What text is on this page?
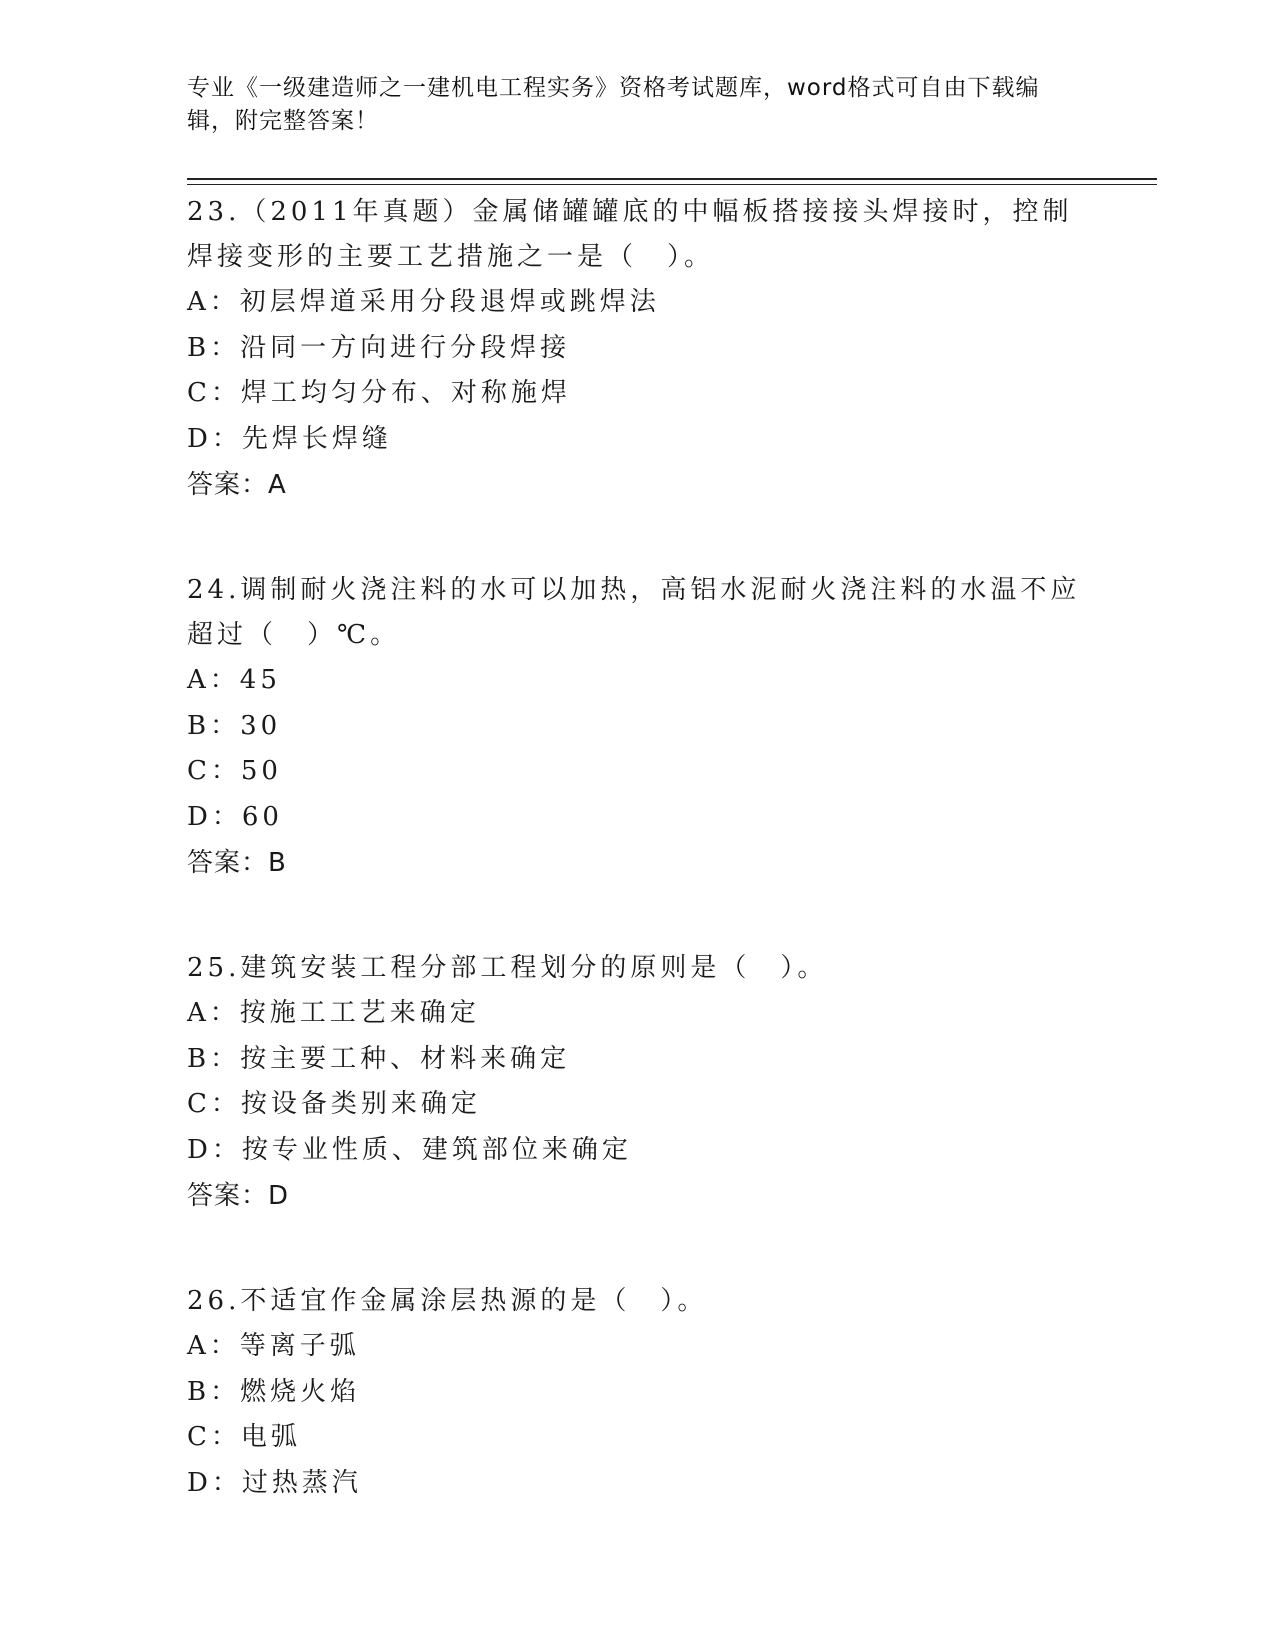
专业《一级建造师之一建机电工程实务》资格考试题库，word格式可自由下载编
辑，附完整答案！

23.（2011年真题）金属储罐罐底的中幅板搭接接头焊接时，控制焊接变形的主要工艺措施之一是（　）。

A：初层焊道采用分段退焊或跳焊法

B：沿同一方向进行分段焊接

C：焊工均匀分布、对称施焊

D：先焊长焊缝

答案：A

24.调制耐火浇注料的水可以加热，高铝水泥耐火浇注料的水温不应超过（　）℃。

A：45

B：30

C：50

D：60

答案：B

25.建筑安装工程分部工程划分的原则是（　）。

A：按施工工艺来确定

B：按主要工种、材料来确定

C：按设备类别来确定

D：按专业性质、建筑部位来确定

答案：D

26.不适宜作金属涂层热源的是（　）。

A：等离子弧

B：燃烧火焰

C：电弧

D：过热蒸汽
